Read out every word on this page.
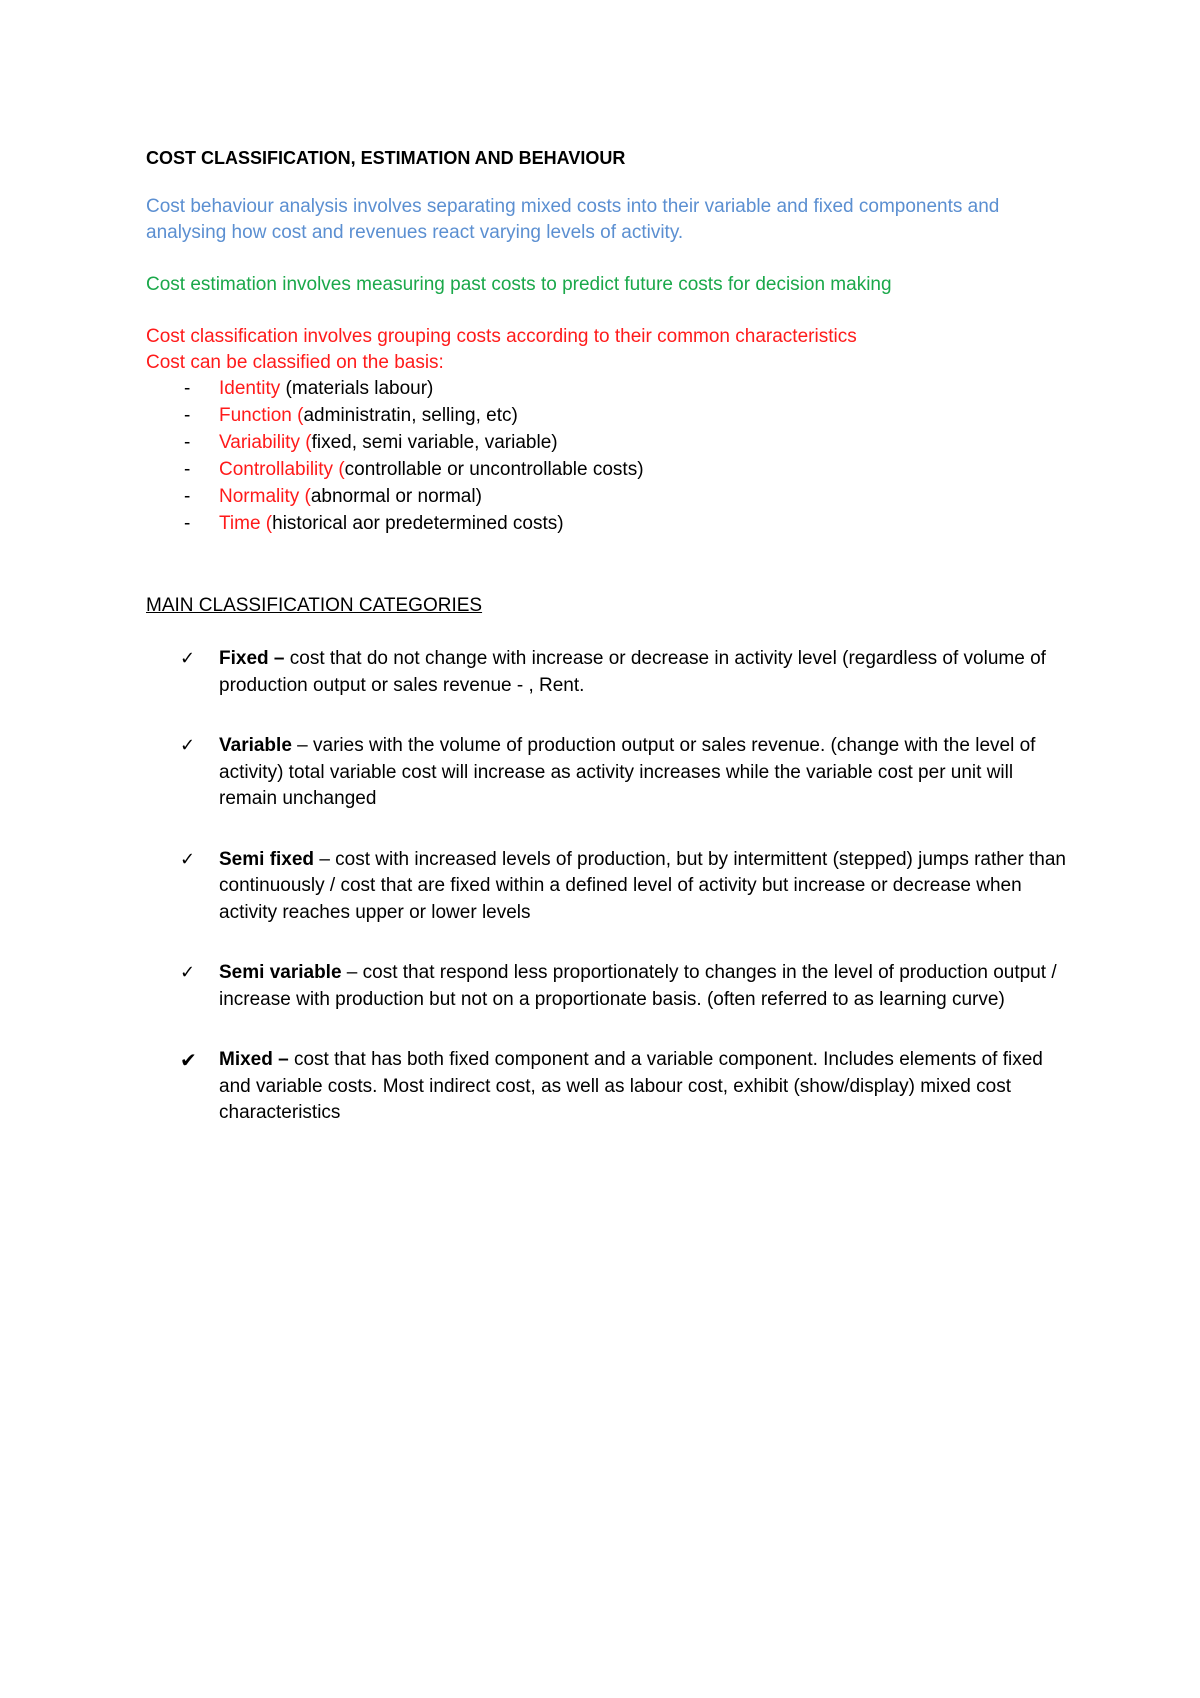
COST CLASSIFICATION, ESTIMATION AND BEHAVIOUR

Cost behaviour analysis involves separating mixed costs into their variable and fixed components and analysing how cost and revenues react varying levels of activity.

Cost estimation involves measuring past costs to predict future costs for decision making

Cost classification involves grouping costs according to their common characteristics

Cost can be classified on the basis:

- Identity (materials labour)
- Function (administratin, selling, etc)
- Variability (fixed, semi variable, variable)
- Controllability (controllable or uncontrollable costs)
- Normality (abnormal or normal)
- Time (historical aor predetermined costs)

MAIN CLASSIFICATION CATEGORIES

✓ Fixed – cost that do not change with increase or decrease in activity level (regardless of volume of production output or sales revenue - , Rent.
✓ Variable – varies with the volume of production output or sales revenue. (change with the level of activity) total variable cost will increase as activity increases while the variable cost per unit will remain unchanged
✓ Semi fixed – cost with increased levels of production, but by intermittent (stepped) jumps rather than continuously / cost that are fixed within a defined level of activity but increase or decrease when activity reaches upper or lower levels
✓ Semi variable – cost that respond less proportionately to changes in the level of production output / increase with production but not on a proportionate basis. (often referred to as learning curve)
✔ Mixed – cost that has both fixed component and a variable component. Includes elements of fixed and variable costs. Most indirect cost, as well as labour cost, exhibit (show/display) mixed cost characteristics
